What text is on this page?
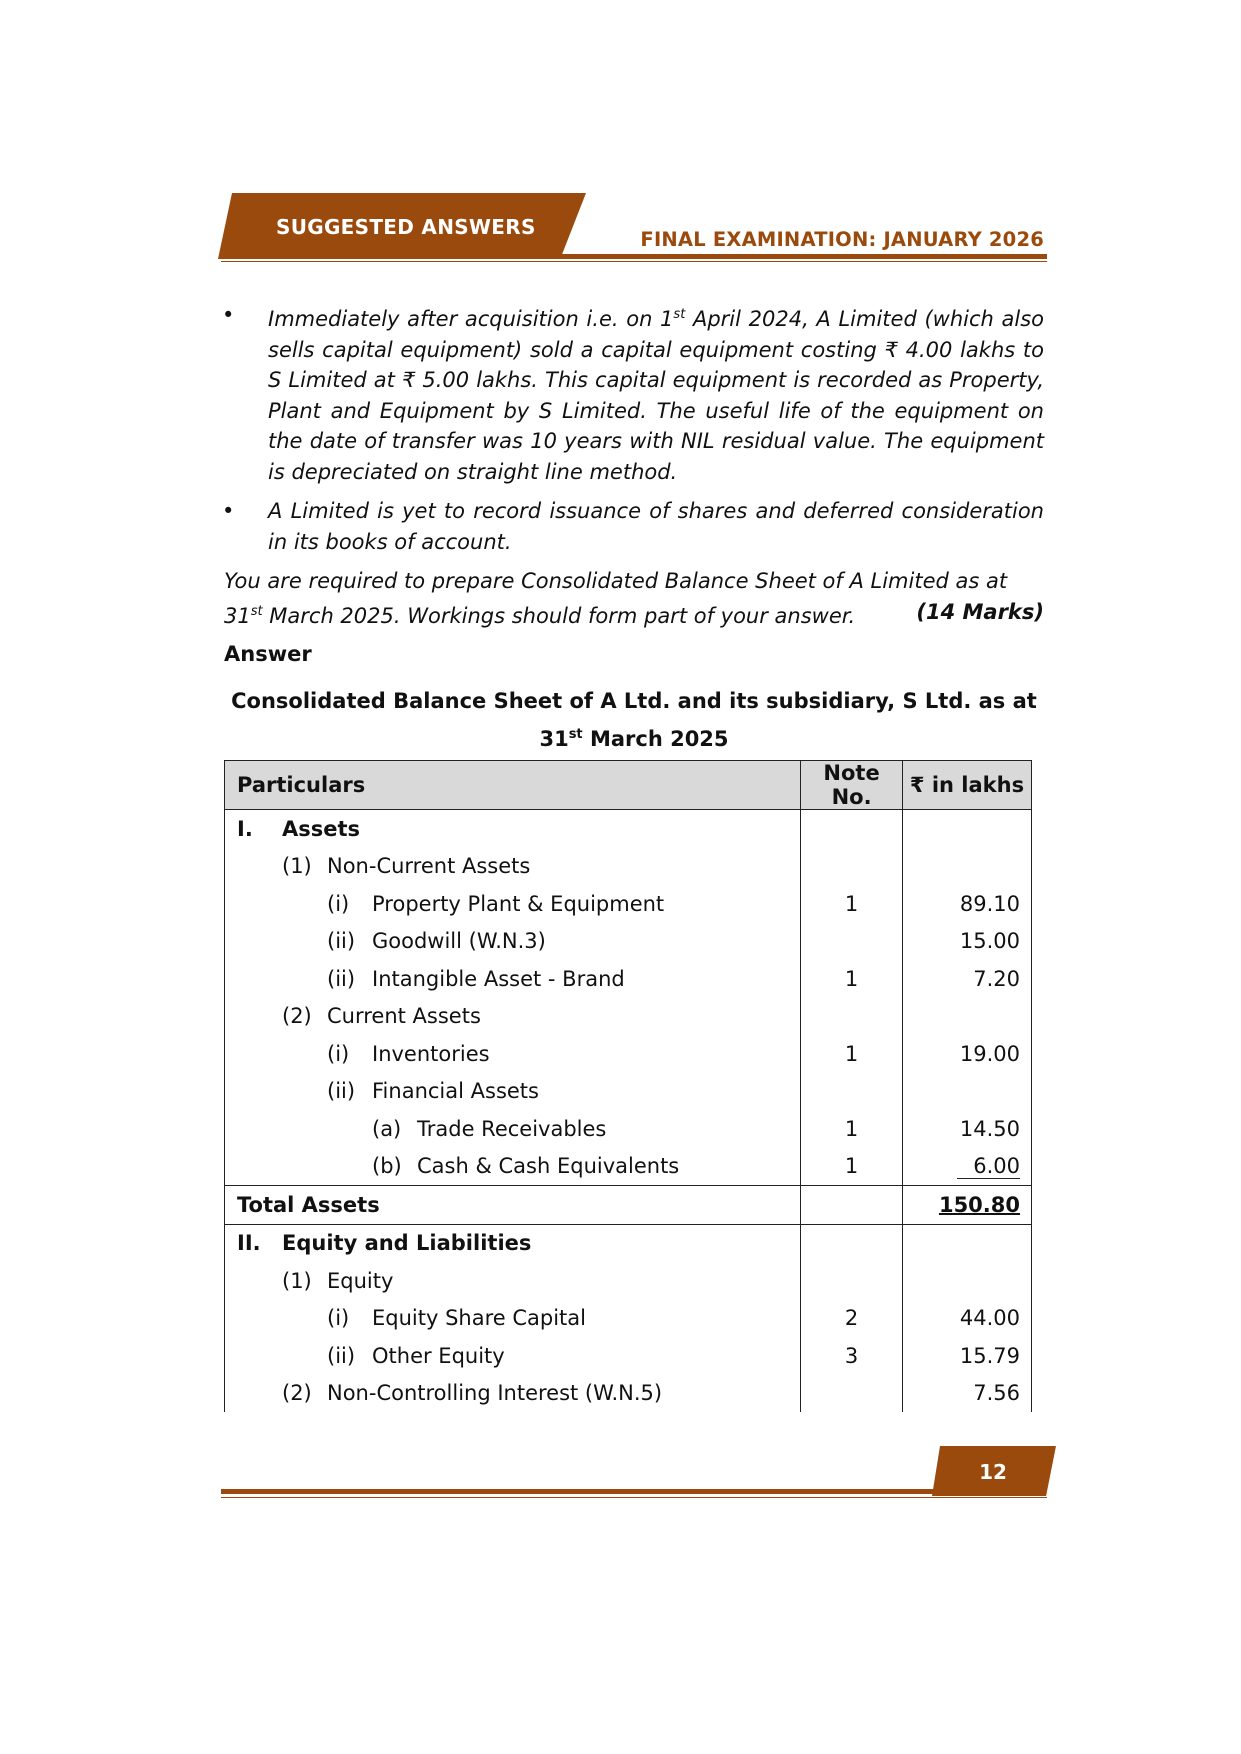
SUGGESTED ANSWERS
FINAL EXAMINATION: JANUARY 2026
• Immediately after acquisition i.e. on 1st April 2024, A Limited (which also sells capital equipment) sold a capital equipment costing ₹ 4.00 lakhs to S Limited at ₹ 5.00 lakhs. This capital equipment is recorded as Property, Plant and Equipment by S Limited. The useful life of the equipment on the date of transfer was 10 years with NIL residual value. The equipment is depreciated on straight line method.
• A Limited is yet to record issuance of shares and deferred consideration in its books of account.
You are required to prepare Consolidated Balance Sheet of A Limited as at
31st March 2025. Workings should form part of your answer.	(14 Marks)
Answer
Consolidated Balance Sheet of A Ltd. and its subsidiary, S Ltd. as at
31st March 2025
Particulars	Note No.	₹ in lakhs

I. Assets		

(1) Non-Current Assets		

(i) Property Plant & Equipment	1	89.10

(ii) Goodwill (W.N.3)		15.00

(ii) Intangible Asset - Brand	1	7.20

(2) Current Assets		

(i) Inventories	1	19.00

(ii) Financial Assets		

(a) Trade Receivables	1	14.50

(b) Cash & Cash Equivalents	1	6.00

Total Assets		150.80

II. Equity and Liabilities		

(1) Equity		

(i) Equity Share Capital	2	44.00

(ii) Other Equity	3	15.79

(2) Non-Controlling Interest (W.N.5)		7.56
12
